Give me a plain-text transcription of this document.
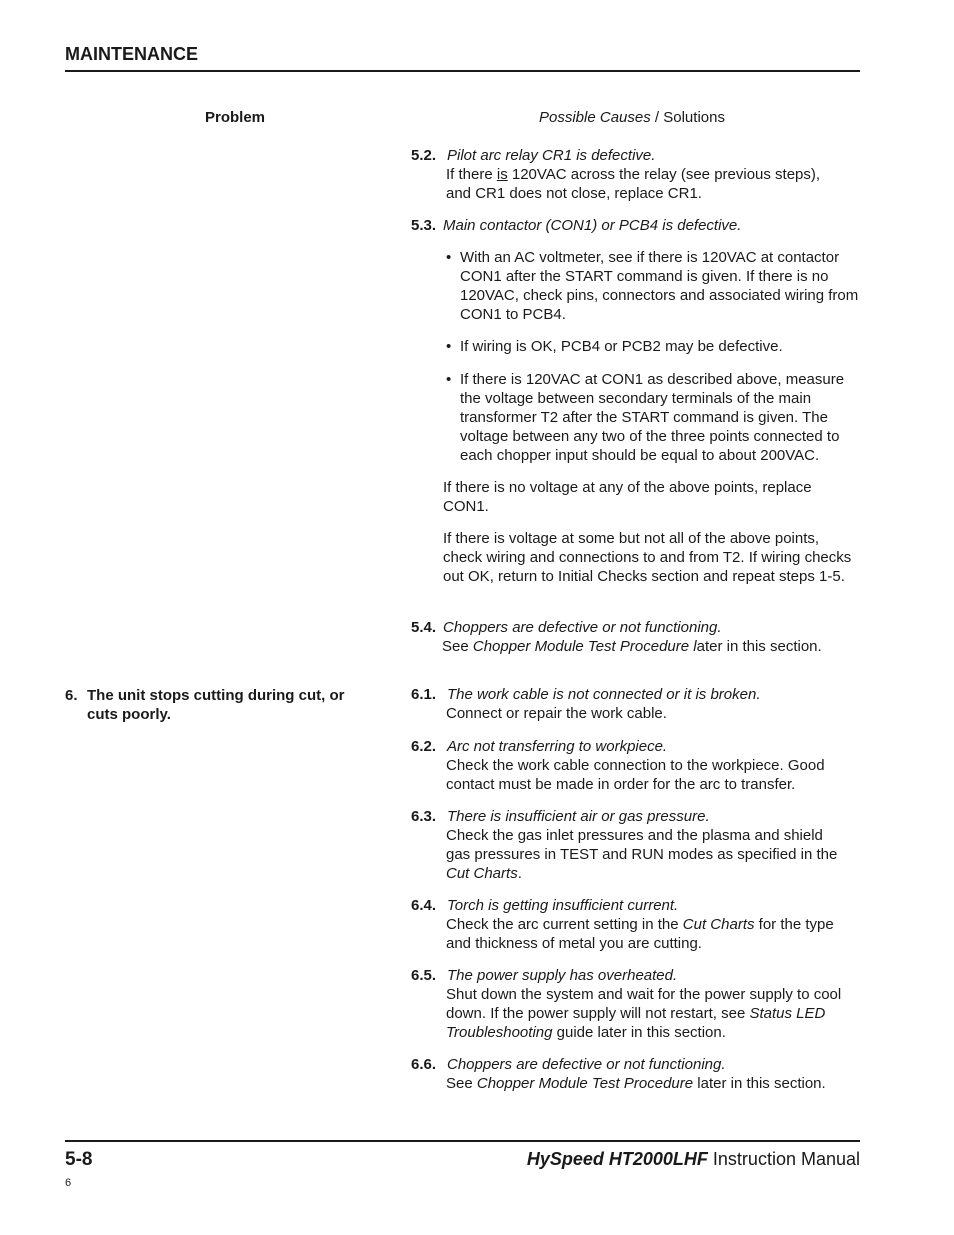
MAINTENANCE
Problem	Possible Causes / Solutions
5.2. Pilot arc relay CR1 is defective.
If there is 120VAC across the relay (see previous steps),
and CR1 does not close, replace CR1.
5.3. Main contactor (CON1) or PCB4 is defective.
• With an AC voltmeter, see if there is 120VAC at contactor CON1 after the START command is given. If there is no 120VAC, check pins, connectors and associated wiring from CON1 to PCB4.
• If wiring is OK, PCB4 or PCB2 may be defective.
• If there is 120VAC at CON1 as described above, measure the voltage between secondary terminals of the main transformer T2 after the START command is given. The voltage between any two of the three points connected to each chopper input should be equal to about 200VAC.
If there is no voltage at any of the above points, replace CON1.
If there is voltage at some but not all of the above points, check wiring and connections to and from T2. If wiring checks out OK, return to Initial Checks section and repeat steps 1-5.
5.4. Choppers are defective or not functioning.
See Chopper Module Test Procedure later in this section.
6. The unit stops cutting during cut, or
cuts poorly.
6.1. The work cable is not connected or it is broken.
Connect or repair the work cable.
6.2. Arc not transferring to workpiece.
Check the work cable connection to the workpiece. Good
contact must be made in order for the arc to transfer.
6.3. There is insufficient air or gas pressure.
Check the gas inlet pressures and the plasma and shield
gas pressures in TEST and RUN modes as specified in the
Cut Charts.
6.4. Torch is getting insufficient current.
Check the arc current setting in the Cut Charts for the type
and thickness of metal you are cutting.
6.5. The power supply has overheated.
Shut down the system and wait for the power supply to cool
down. If the power supply will not restart, see Status LED
Troubleshooting guide later in this section.
6.6. Choppers are defective or not functioning.
See Chopper Module Test Procedure later in this section.
5-8	HySpeed HT2000LHF Instruction Manual
6
